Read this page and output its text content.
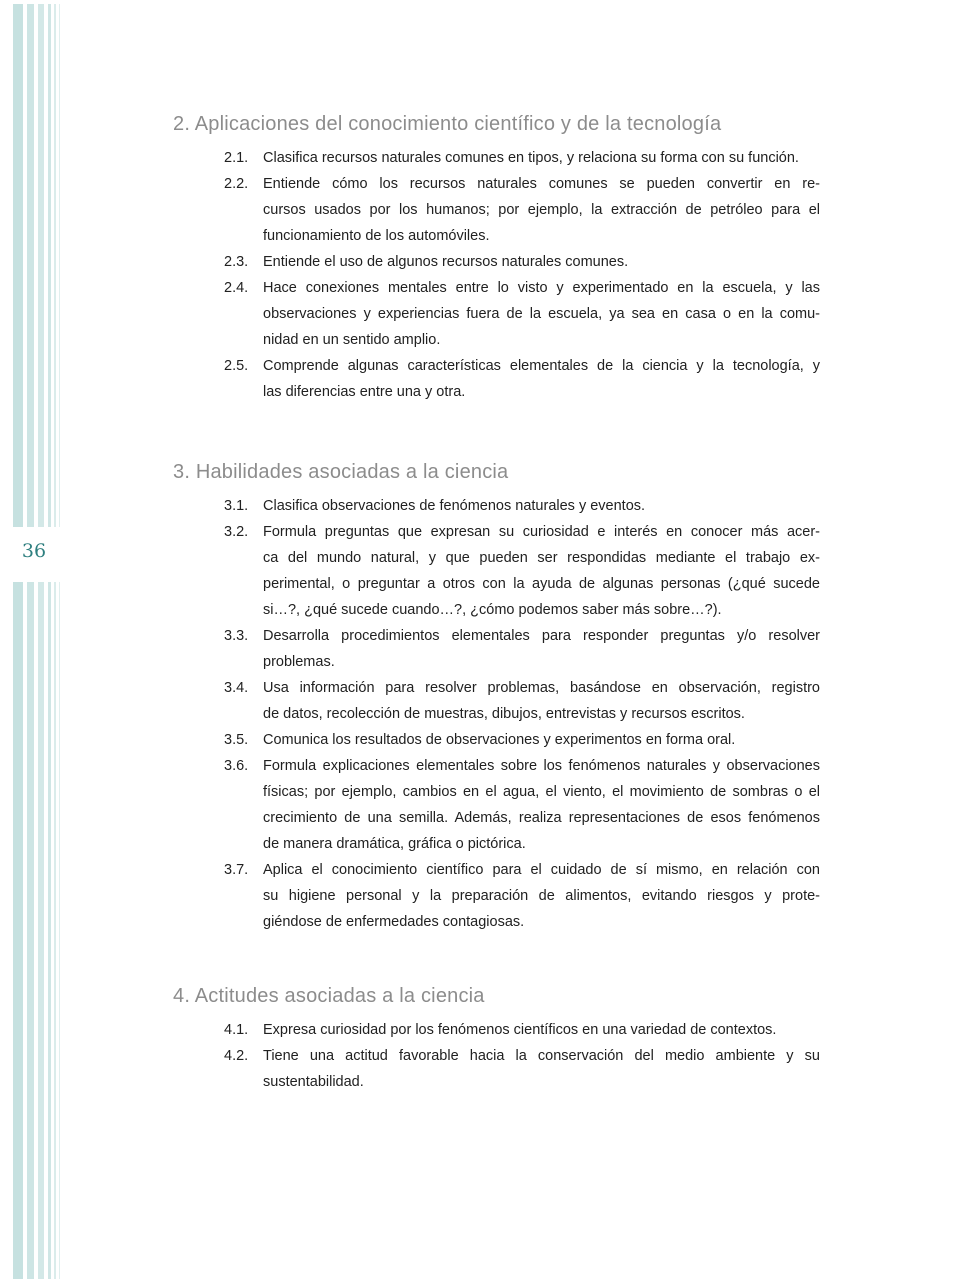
36
2. Aplicaciones del conocimiento científico y de la tecnología
2.1.	Clasifica recursos naturales comunes en tipos, y relaciona su forma con su función.
2.2.	Entiende cómo los recursos naturales comunes se pueden convertir en re-
cursos usados por los humanos; por ejemplo, la extracción de petróleo para el
funcionamiento de los automóviles.
2.3.	Entiende el uso de algunos recursos naturales comunes.
2.4.	Hace conexiones mentales entre lo visto y experimentado en la escuela, y las
observaciones y experiencias fuera de la escuela, ya sea en casa o en la comu-
nidad en un sentido amplio.
2.5.	Comprende algunas características elementales de la ciencia y la tecnología, y
las diferencias entre una y otra.
3. Habilidades asociadas a la ciencia
3.1.	Clasifica observaciones de fenómenos naturales y eventos.
3.2.	Formula preguntas que expresan su curiosidad e interés en conocer más acer-
ca del mundo natural, y que pueden ser respondidas mediante el trabajo ex-
perimental, o preguntar a otros con la ayuda de algunas personas (¿qué sucede
si…?, ¿qué sucede cuando…?, ¿cómo podemos saber más sobre…?).
3.3.	Desarrolla procedimientos elementales para responder preguntas y/o resolver
problemas.
3.4.	Usa información para resolver problemas, basándose en observación, registro
de datos, recolección de muestras, dibujos, entrevistas y recursos escritos.
3.5.	Comunica los resultados de observaciones y experimentos en forma oral.
3.6.	Formula explicaciones elementales sobre los fenómenos naturales y observaciones
físicas; por ejemplo, cambios en el agua, el viento, el movimiento de sombras o el
crecimiento de una semilla. Además, realiza representaciones de esos fenómenos
de manera dramática, gráfica o pictórica.
3.7.	Aplica el conocimiento científico para el cuidado de sí mismo, en relación con
su higiene personal y la preparación de alimentos, evitando riesgos y prote-
giéndose de enfermedades contagiosas.
4. Actitudes asociadas a la ciencia
4.1.	Expresa curiosidad por los fenómenos científicos en una variedad de contextos.
4.2.	Tiene una actitud favorable hacia la conservación del medio ambiente y su
sustentabilidad.
